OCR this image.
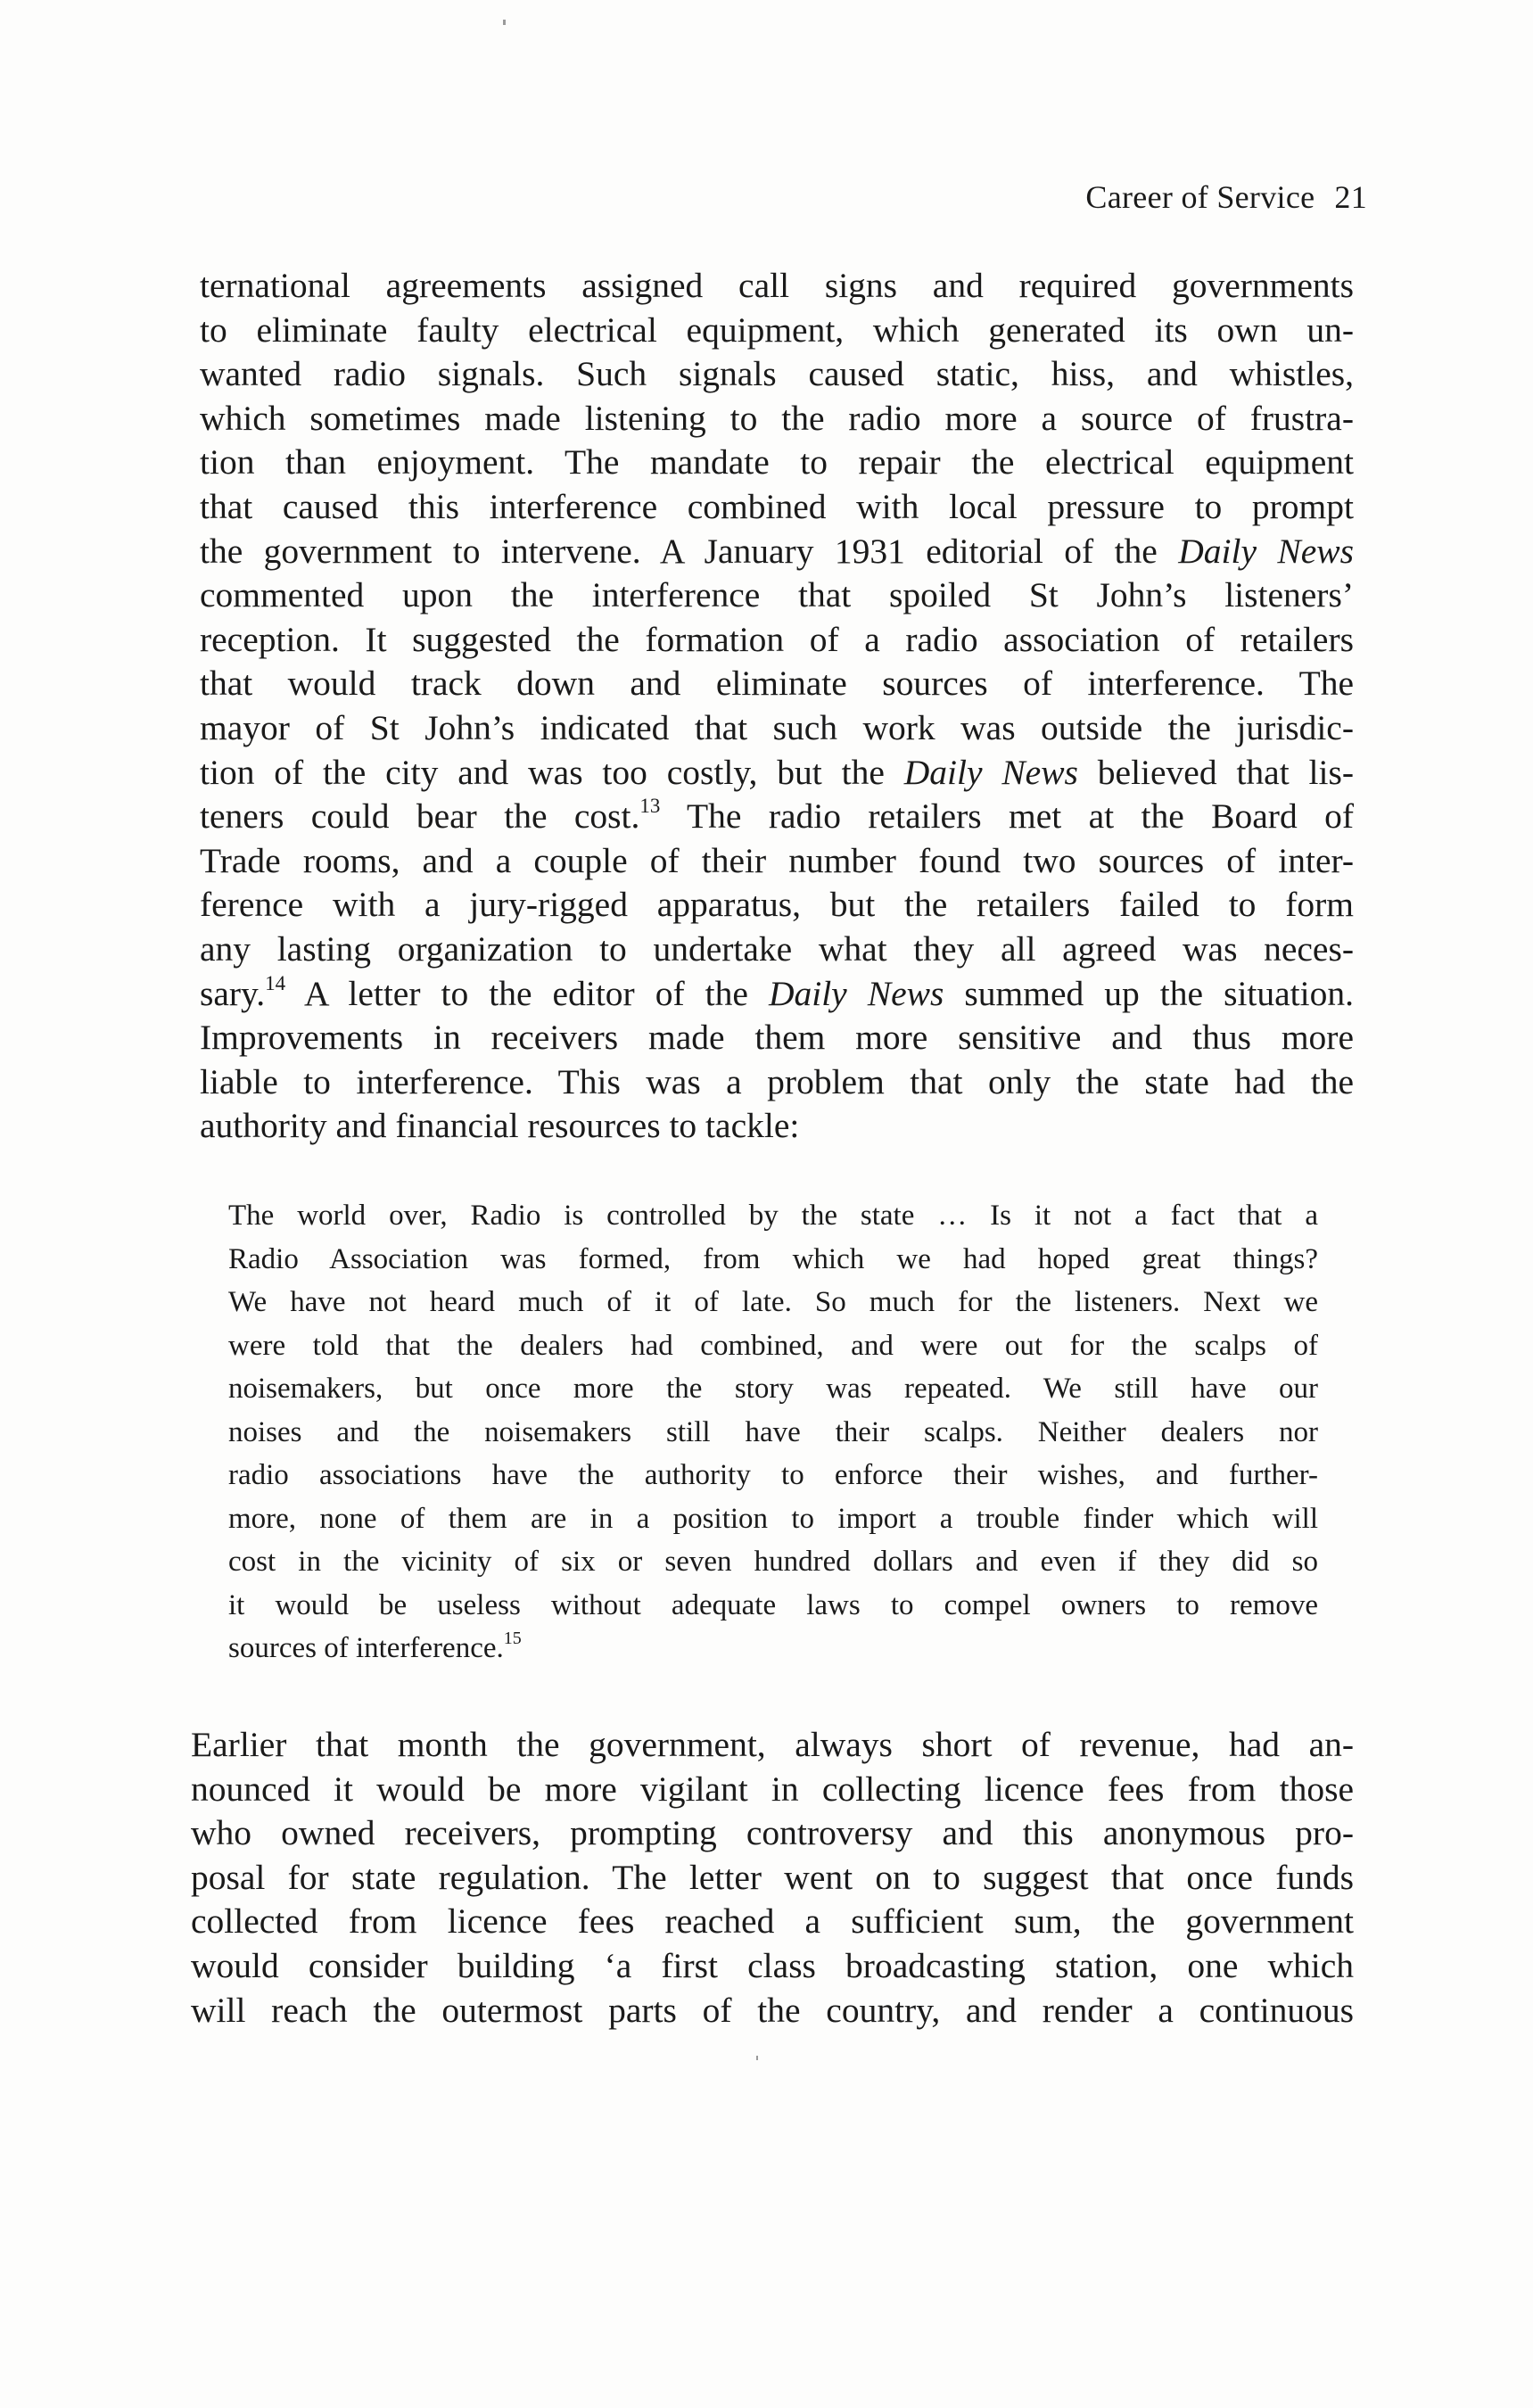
Career of Service 21
ternational agreements assigned call signs and required governments
to eliminate faulty electrical equipment, which generated its own un-
wanted radio signals. Such signals caused static, hiss, and whistles,
which sometimes made listening to the radio more a source of frustra-
tion than enjoyment. The mandate to repair the electrical equipment
that caused this interference combined with local pressure to prompt
the government to intervene. A January 1931 editorial of the Daily News
commented upon the interference that spoiled St John’s listeners’
reception. It suggested the formation of a radio association of retailers
that would track down and eliminate sources of interference. The
mayor of St John’s indicated that such work was outside the jurisdic-
tion of the city and was too costly, but the Daily News believed that lis-
teners could bear the cost.$^{13}$ The radio retailers met at the Board of
Trade rooms, and a couple of their number found two sources of inter-
ference with a jury-rigged apparatus, but the retailers failed to form
any lasting organization to undertake what they all agreed was neces-
sary.$^{14}$ A letter to the editor of the Daily News summed up the situation.
Improvements in receivers made them more sensitive and thus more
liable to interference. This was a problem that only the state had the
authority and financial resources to tackle:
The world over, Radio is controlled by the state … Is it not a fact that a
Radio Association was formed, from which we had hoped great things?
We have not heard much of it of late. So much for the listeners. Next we
were told that the dealers had combined, and were out for the scalps of
noisemakers, but once more the story was repeated. We still have our
noises and the noisemakers still have their scalps. Neither dealers nor
radio associations have the authority to enforce their wishes, and further-
more, none of them are in a position to import a trouble finder which will
cost in the vicinity of six or seven hundred dollars and even if they did so
it would be useless without adequate laws to compel owners to remove
sources of interference.$^{15}$
Earlier that month the government, always short of revenue, had an-
nounced it would be more vigilant in collecting licence fees from those
who owned receivers, prompting controversy and this anonymous pro-
posal for state regulation. The letter went on to suggest that once funds
collected from licence fees reached a sufficient sum, the government
would consider building ‘a first class broadcasting station, one which
will reach the outermost parts of the country, and render a continuous
